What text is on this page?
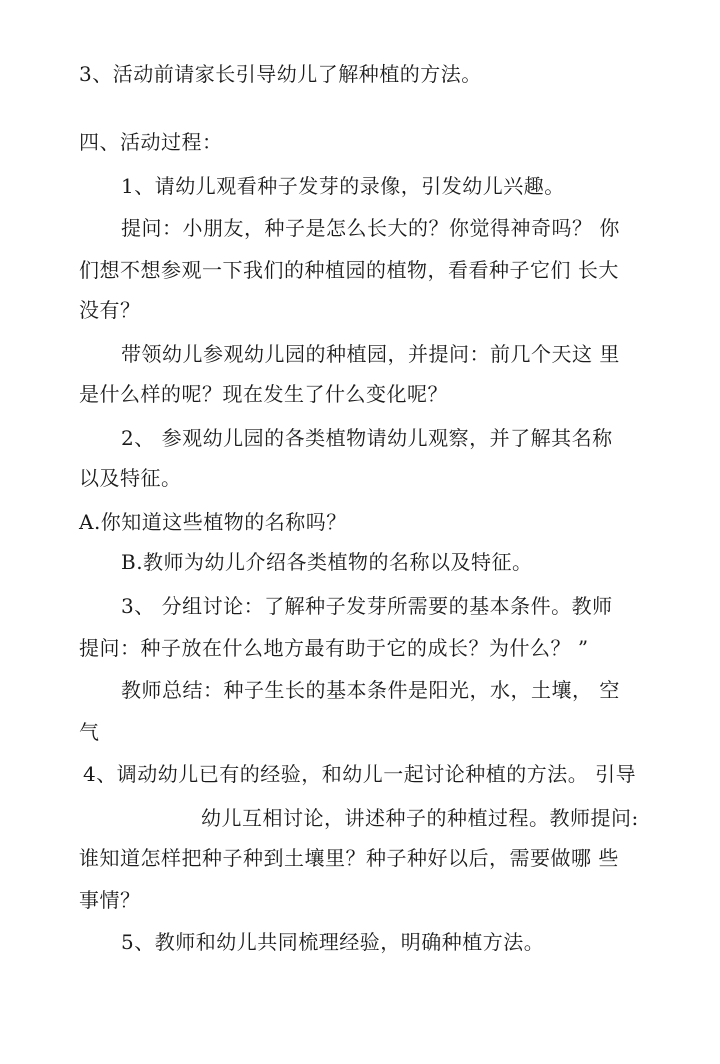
3、活动前请家长引导幼儿了解种植的方法。
四、活动过程：
1、请幼儿观看种子发芽的录像，引发幼儿兴趣。
提问：小朋友，种子是怎么长大的？你觉得神奇吗？ 你
们想不想参观一下我们的种植园的植物，看看种子它们 长大
没有？
带领幼儿参观幼儿园的种植园，并提问：前几个天这 里
是什么样的呢？现在发生了什么变化呢？
2、 参观幼儿园的各类植物请幼儿观察，并了解其名称
以及特征。
A.你知道这些植物的名称吗？
B.教师为幼儿介绍各类植物的名称以及特征。
3、 分组讨论：了解种子发芽所需要的基本条件。教师
提问：种子放在什么地方最有助于它的成长？为什么？ ”
教师总结：种子生长的基本条件是阳光，水，土壤， 空
气
4、调动幼儿已有的经验，和幼儿一起讨论种植的方法。 引导
幼儿互相讨论，讲述种子的种植过程。教师提问:
谁知道怎样把种子种到土壤里？种子种好以后，需要做哪 些
事情？
5、教师和幼儿共同梳理经验，明确种植方法。
